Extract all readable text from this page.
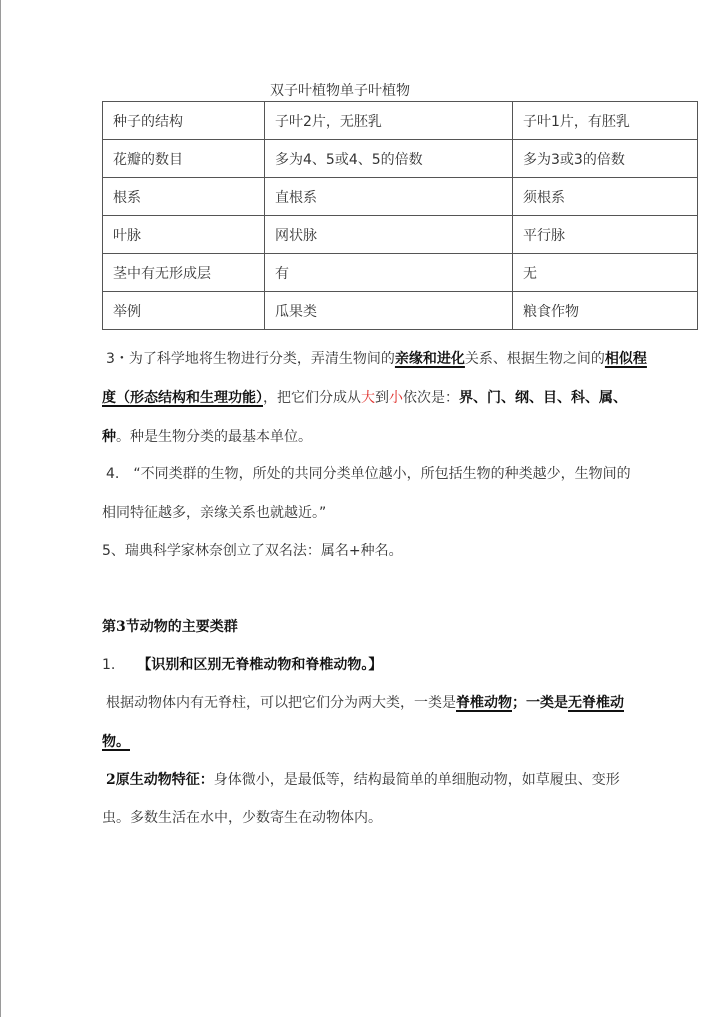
双子叶植物单子叶植物
种子的结构	子叶2片，无胚乳	子叶1片，有胚乳
花瓣的数目	多为4、5或4、5的倍数	多为3或3的倍数
根系	直根系	须根系
叶脉	网状脉	平行脉
茎中有无形成层	有	无
举例	瓜果类	粮食作物
3・为了科学地将生物进行分类，弄清生物间的亲缘和进化关系、根据生物之间的相似程
度（形态结构和生理功能），把它们分成从大到小依次是：界、门、纲、目、科、属、
种。种是生物分类的最基本单位。
4.　“不同类群的生物，所处的共同分类单位越小，所包括生物的种类越少，生物间的
相同特征越多，亲缘关系也就越近。”
5、瑞典科学家林奈创立了双名法：属名+种名。
第3节动物的主要类群
1. 【识别和区别无脊椎动物和脊椎动物。】
根据动物体内有无脊柱，可以把它们分为两大类，一类是脊椎动物；一类是无脊椎动
物。
2原生动物特征：身体微小，是最低等，结构最简单的单细胞动物，如草履虫、变形
虫。多数生活在水中，少数寄生在动物体内。
